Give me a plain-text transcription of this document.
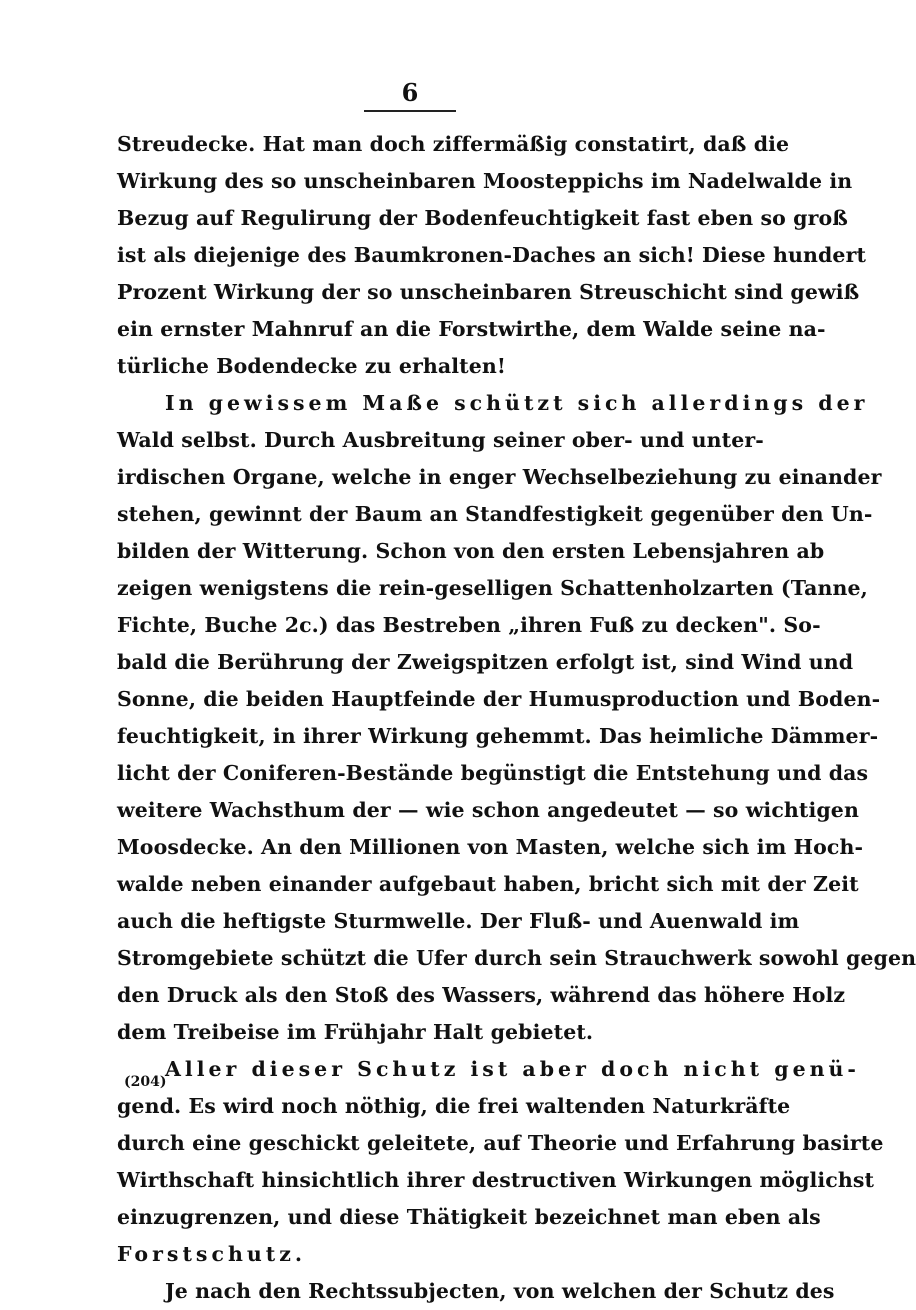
6
Streudecke. Hat man doch ziffermäßig constatirt, daß die
Wirkung des so unscheinbaren Moosteppichs im Nadelwalde in
Bezug auf Regulirung der Bodenfeuchtigkeit fast eben so groß
ist als diejenige des Baumkronen-Daches an sich! Diese hundert
Prozent Wirkung der so unscheinbaren Streuschicht sind gewiß
ein ernster Mahnruf an die Forstwirthe, dem Walde seine na-
türliche Bodendecke zu erhalten!
In gewissem Maße schützt sich allerdings der
Wald selbst. Durch Ausbreitung seiner ober- und unter-
irdischen Organe, welche in enger Wechselbeziehung zu einander
stehen, gewinnt der Baum an Standfestigkeit gegenüber den Un-
bilden der Witterung. Schon von den ersten Lebensjahren ab
zeigen wenigstens die rein-geselligen Schattenholzarten (Tanne,
Fichte, Buche 2c.) das Bestreben „ihren Fuß zu decken". So-
bald die Berührung der Zweigspitzen erfolgt ist, sind Wind und
Sonne, die beiden Hauptfeinde der Humusproduction und Boden-
feuchtigkeit, in ihrer Wirkung gehemmt. Das heimliche Dämmer-
licht der Coniferen-Bestände begünstigt die Entstehung und das
weitere Wachsthum der — wie schon angedeutet — so wichtigen
Moosdecke. An den Millionen von Masten, welche sich im Hoch-
walde neben einander aufgebaut haben, bricht sich mit der Zeit
auch die heftigste Sturmwelle. Der Fluß- und Auenwald im
Stromgebiete schützt die Ufer durch sein Strauchwerk sowohl gegen
den Druck als den Stoß des Wassers, während das höhere Holz
dem Treibeise im Frühjahr Halt gebietet.
Aller dieser Schutz ist aber doch nicht genü-
gend. Es wird noch nöthig, die frei waltenden Naturkräfte
durch eine geschickt geleitete, auf Theorie und Erfahrung basirte
Wirthschaft hinsichtlich ihrer destructiven Wirkungen möglichst
einzugrenzen, und diese Thätigkeit bezeichnet man eben als
Forstschutz.
Je nach den Rechtssubjecten, von welchen der Schutz des
(204)
